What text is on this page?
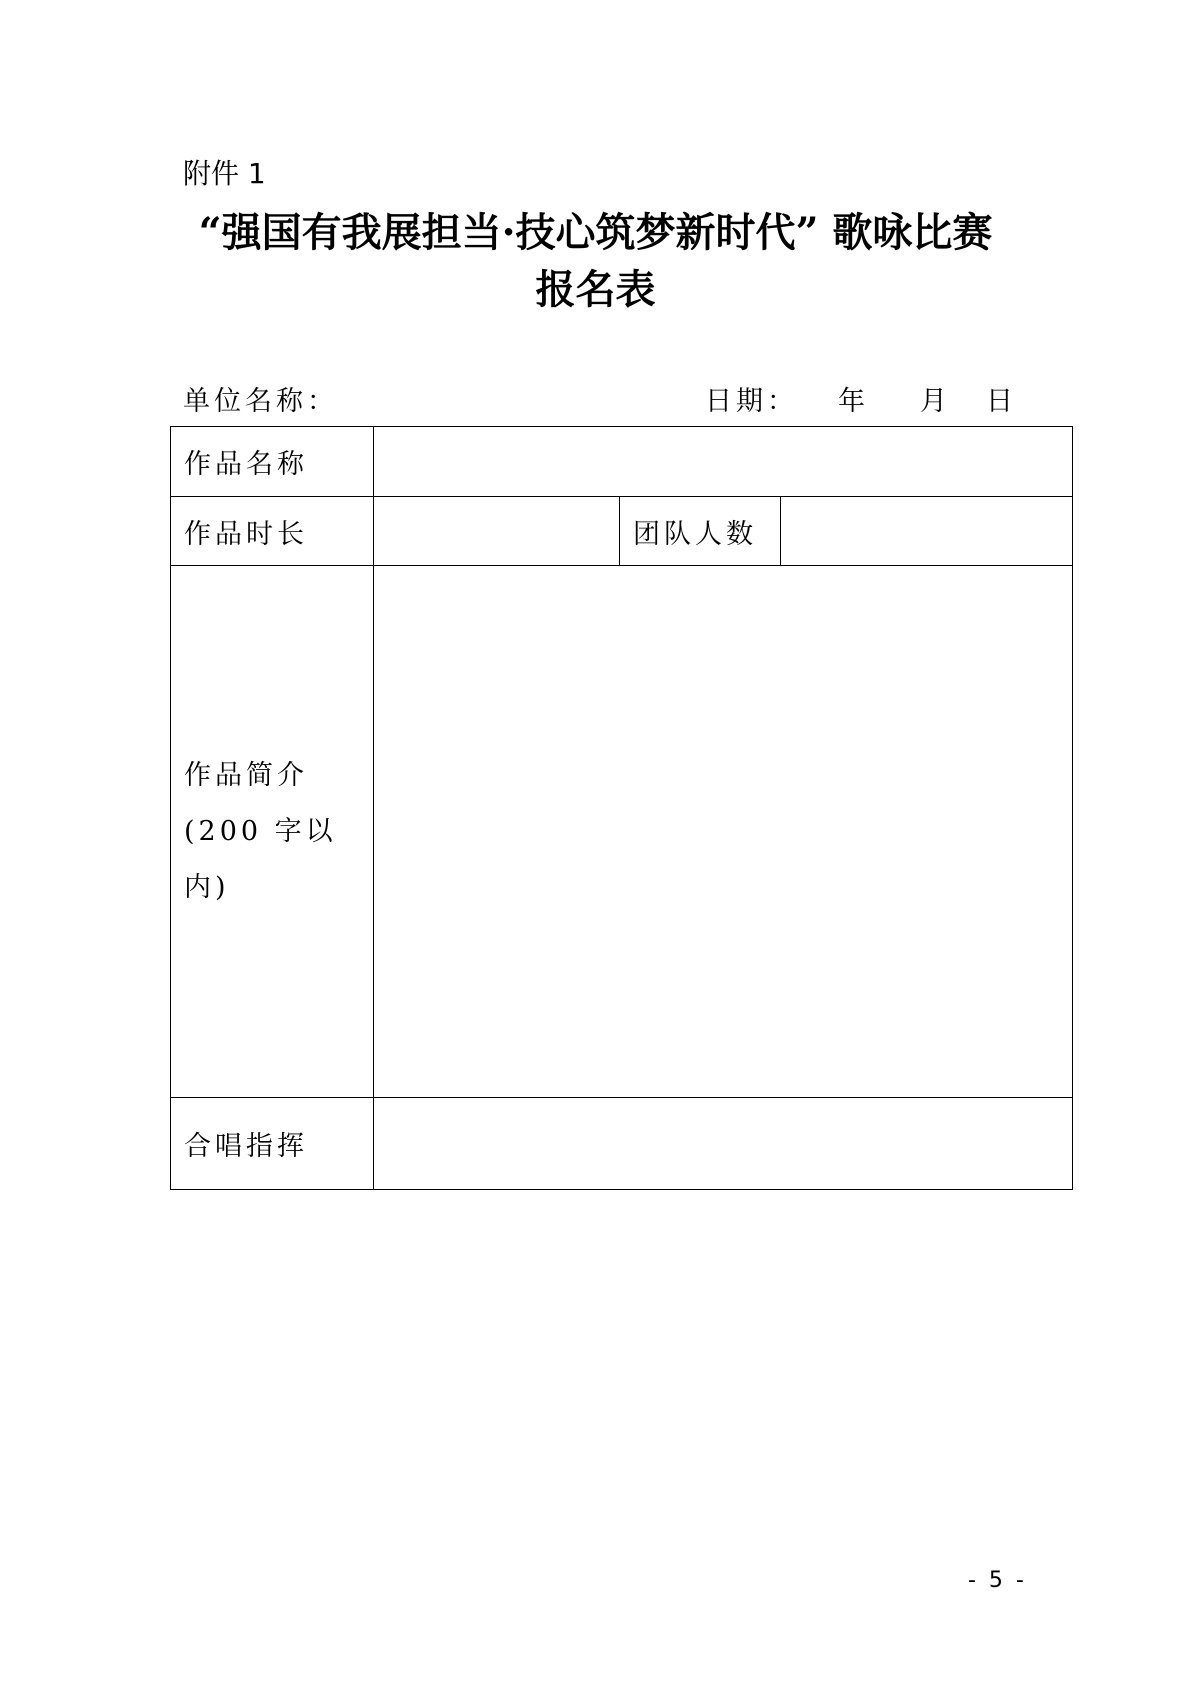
附件 1
“强国有我展担当·技心筑梦新时代” 歌咏比赛
报名表
单位名称：	日期： 年 月 日
作品名称			
作品时长		团队人数	

作品简介
(200 字以内)			

合唱指挥			
- 5 -
